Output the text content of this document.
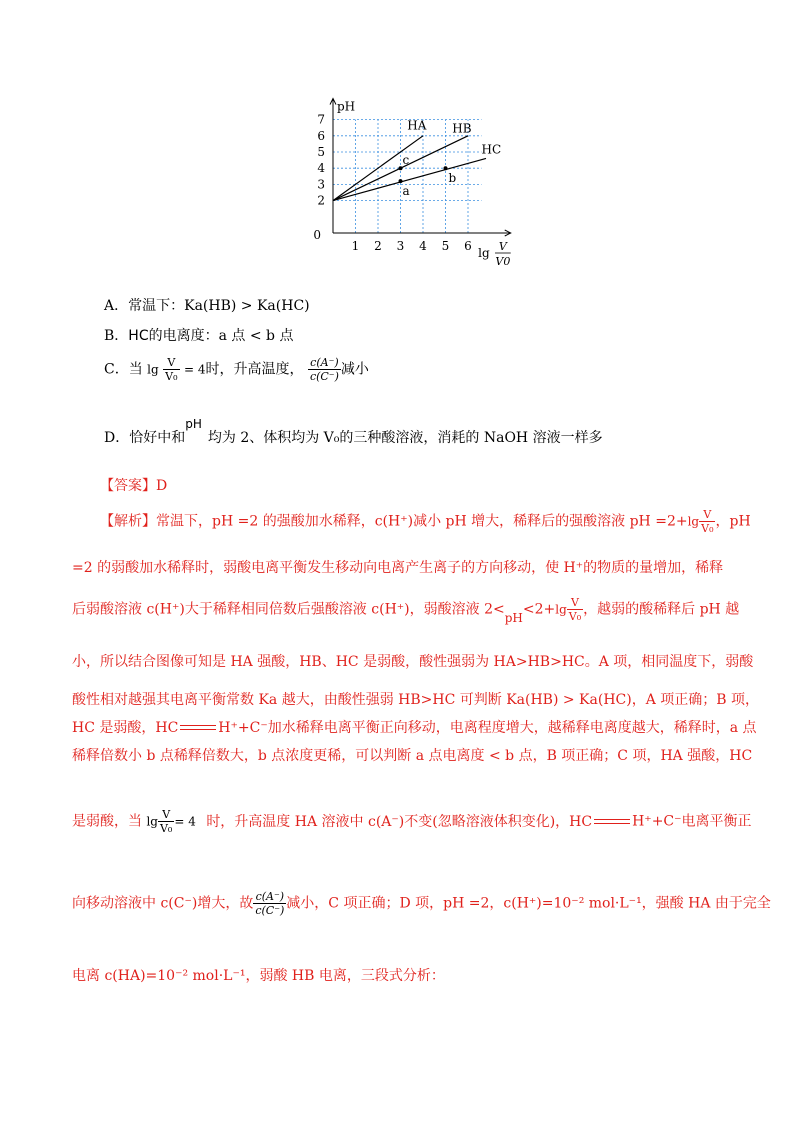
2
3
4
5
6
7
1 2 3 4 5 6
0
pH
lg V
V0
HA HB
HC
c
a
b
A．常温下：Ka(HB) > Ka(HC)
B．HC的电离度：a 点 < b 点
C．当 $\lg \frac{V}{\text{V₀}} = 4$时，升高温度， $\frac{c(A^-)}{c(C^-)}$ 减小
D．恰好中和pH均为 2、体积均为 V₀的三种酸溶液，消耗的 NaOH 溶液一样多
【答案】D
【解析】常温下，pH =2 的强酸加水稀释，c(H⁺)减小 pH 增大，稀释后的强酸溶液 pH $=2+\lg \frac{V}{\text{V₀}}$ ，pH
=2 的弱酸加水稀释时，弱酸电离平衡发生移动向电离产生离子的方向移动，使 H⁺的物质的量增加，稀释
后弱酸溶液 c(H⁺)大于稀释相同倍数后强酸溶液 c(H⁺)，弱酸溶液 $2<pH<2+\lg \frac{V}{\text{V₀}}$ ，越弱的酸稀释后 pH 越
小，所以结合图像可知是 HA 强酸，HB、HC 是弱酸，酸性强弱为 HA>HB>HC。A 项，相同温度下，弱酸
酸性相对越强其电离平衡常数 Ka 越大，由酸性强弱 HB>HC 可判断 Ka(HB) > Ka(HC)，A 项正确；B 项，
HC 是弱酸，HC	H⁺+C⁻加水稀释电离平衡正向移动，电离程度增大，越稀释电离度越大，稀释时，a 点
稀释倍数小 b 点稀释倍数大，b 点浓度更稀，可以判断 a 点电离度 < b 点，B 项正确；C 项，HA 强酸，HC
是弱酸，当 $\lg \frac{V}{\text{V₀}} = 4$ 时，升高温度 HA 溶液中 c(A⁻)不变(忽略溶液体积变化)，HC	H⁺+C⁻电离平衡正
向移动溶液中 c(C⁻)增大，故 $\frac{c(A^-)}{c(C^-)}$ 减小，C 项正确；D 项，pH =2，c(H⁺)=10⁻² mol·L⁻¹，强酸 HA 由于完全
电离 c(HA)=10⁻² mol·L⁻¹，弱酸 HB 电离，三段式分析：
